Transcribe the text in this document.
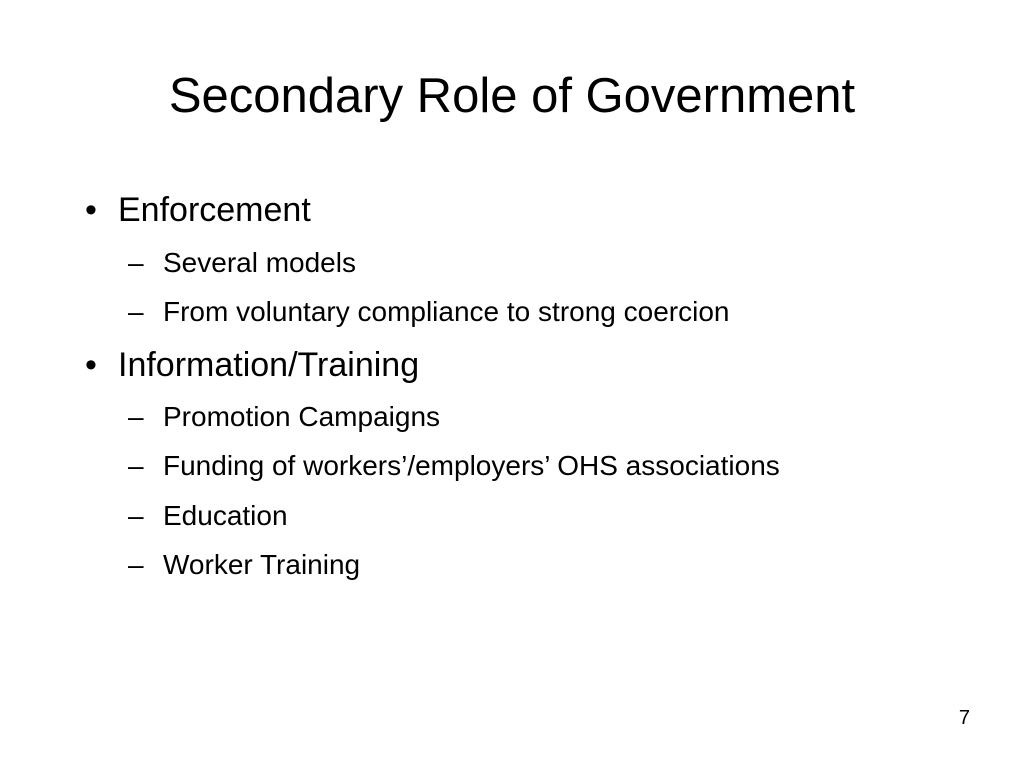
Secondary Role of Government
• Enforcement
– Several models
– From voluntary compliance to strong coercion
• Information/Training
– Promotion Campaigns
– Funding of workers’/employers’ OHS associations
– Education
– Worker Training
7
